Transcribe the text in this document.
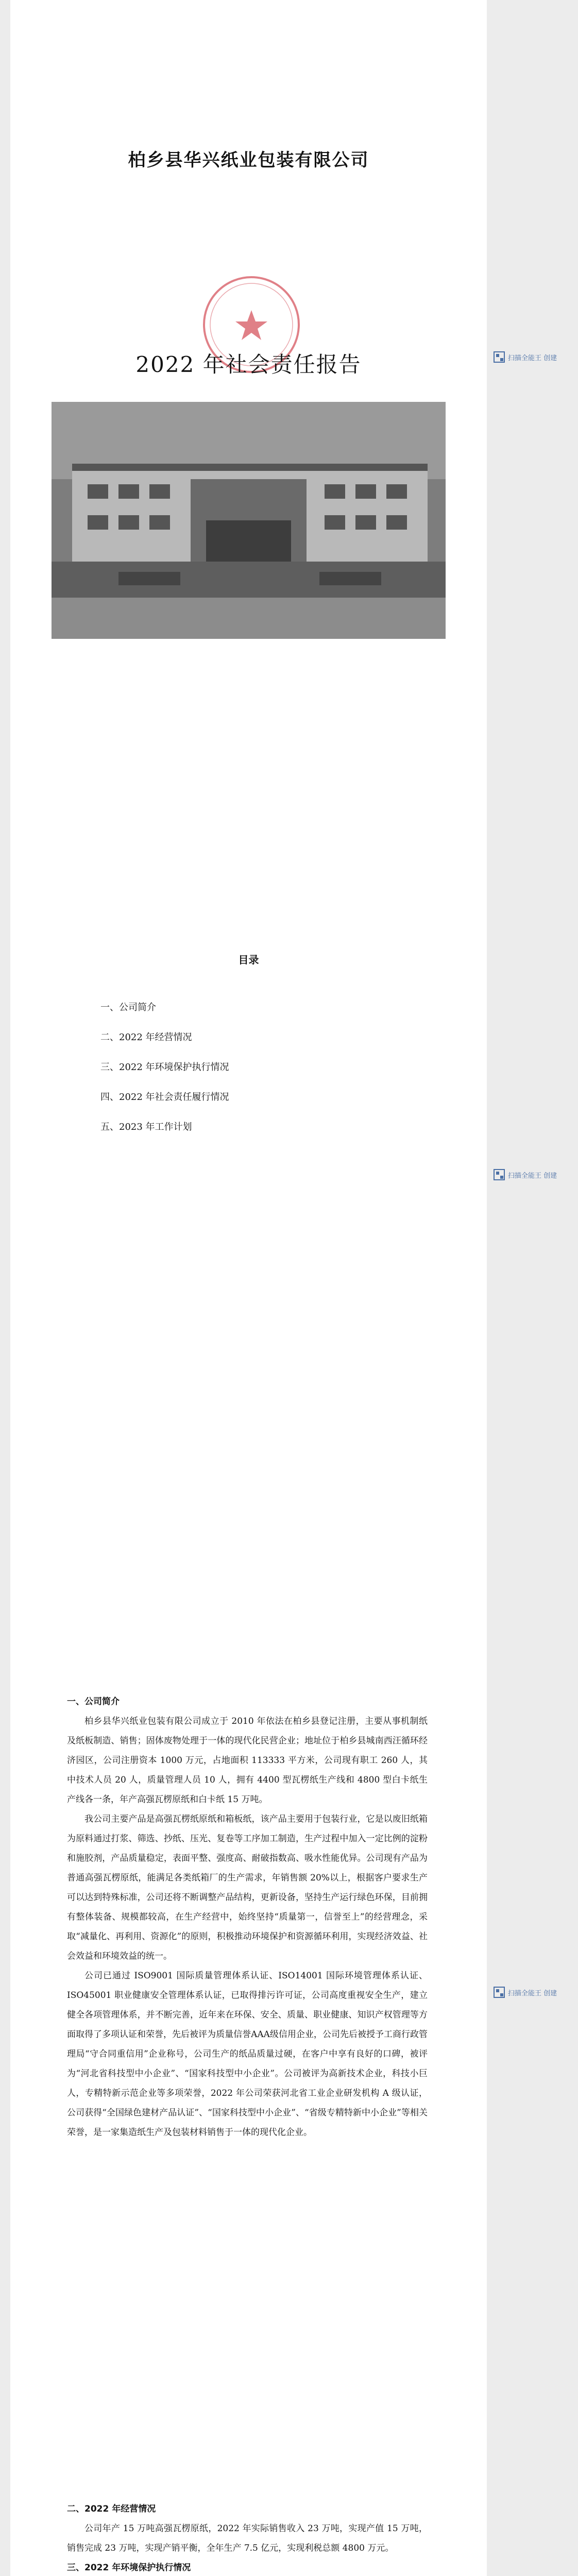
柏乡县华兴纸业包装有限公司
2022 年社会责任报告	扫描全能王 创建
目录
一、公司简介
二、2022 年经营情况
三、2022 年环境保护执行情况
四、2022 年社会责任履行情况
五、2023 年工作计划
扫描全能王 创建
一、公司简介

柏乡县华兴纸业包装有限公司成立于 2010 年依法在柏乡县登记注册，主要从事机制纸及纸板制造、销售；固体废物处理于一体的现代化民营企业；地址位于柏乡县城南西汪循环经济园区，公司注册资本 1000 万元，占地面积 113333 平方米，公司现有职工 260 人，其中技术人员 20 人，质量管理人员 10 人，拥有 4400 型瓦楞纸生产线和 4800 型白卡纸生产线各一条，年产高强瓦楞原纸和白卡纸 15 万吨。

我公司主要产品是高强瓦楞纸原纸和箱板纸，该产品主要用于包装行业，它是以废旧纸箱为原料通过打浆、筛选、抄纸、压光、复卷等工序加工制造，生产过程中加入一定比例的淀粉和施胶剂，产品质量稳定，表面平整、强度高、耐破指数高、吸水性能优异。公司现有产品为普通高强瓦楞原纸，能满足各类纸箱厂的生产需求，年销售额 20%以上，根据客户要求生产可以达到特殊标准，公司还将不断调整产品结构，更新设备，坚持生产运行绿色环保，目前拥有整体装备、规模都较高，在生产经营中，始终坚持“质量第一，信誉至上”的经营理念，采取“减量化、再利用、资源化”的原则，积极推动环境保护和资源循环利用，实现经济效益、社会效益和环境效益的统一。

公司已通过 ISO9001 国际质量管理体系认证、ISO14001 国际环境管理体系认证、ISO45001 职业健康安全管理体系认证，已取得排污许可证，公司高度重视安全生产，建立健全各项管理体系，并不断完善，近年来在环保、安全、质量、职业健康、知识产权管理等方面取得了多项认证和荣誉，先后被评为质量信誉AAA级信用企业，公司先后被授予工商行政管理局“守合同重信用”企业称号，公司生产的纸品质量过硬，在客户中享有良好的口碑，被评为“河北省科技型中小企业”、“国家科技型中小企业”。公司被评为高新技术企业，科技小巨人，专精特新示范企业等多项荣誉，2022 年公司荣获河北省工业企业研发机构 A 级认证，公司获得“全国绿色建材产品认证”、“国家科技型中小企业”、“省级专精特新中小企业”等相关荣誉，是一家集造纸生产及包装材料销售于一体的现代化企业。

扫描全能王 创建
二、2022 年经营情况

公司年产 15 万吨高强瓦楞原纸，2022 年实际销售收入 23 万吨，实现产值 15 万吨，销售完成 23 万吨，实现产销平衡，全年生产 7.5 亿元，实现利税总额 4800 万元。

三、2022 年环境保护执行情况
